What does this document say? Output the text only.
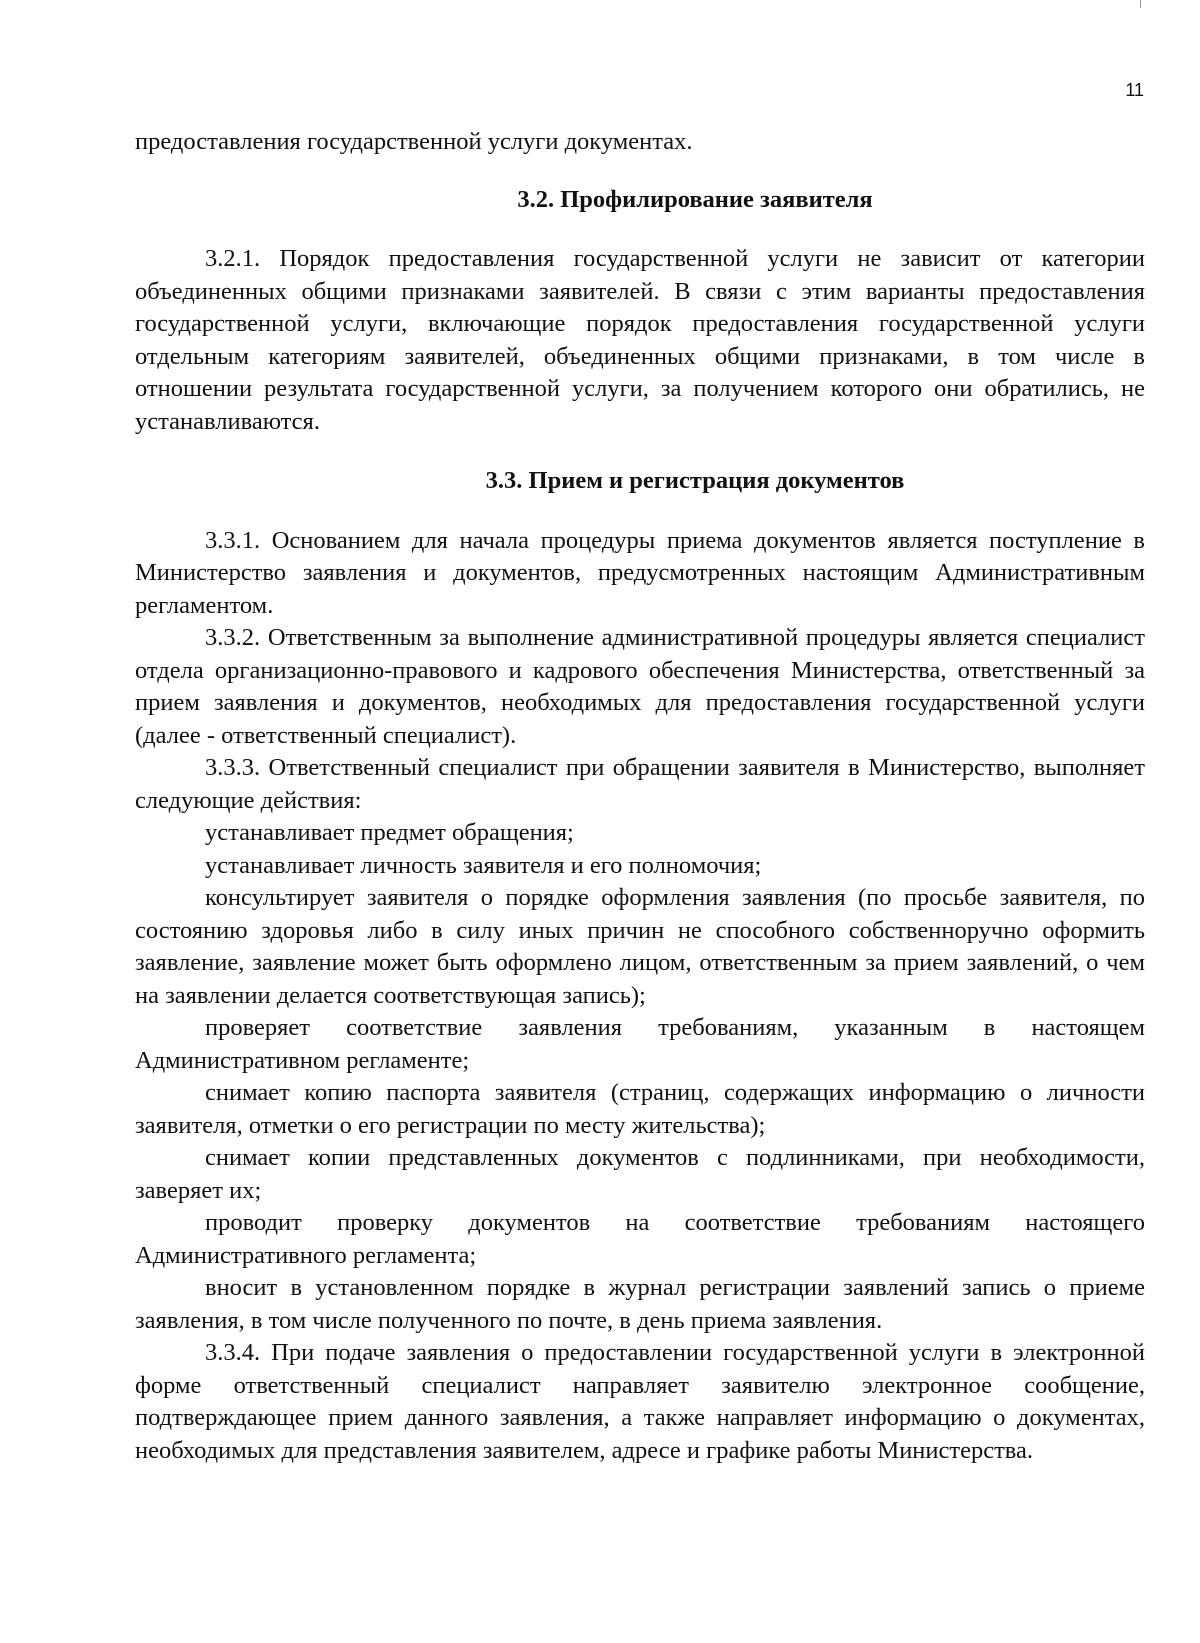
11

предоставления государственной услуги документах.

3.2. Профилирование заявителя

3.2.1. Порядок предоставления государственной услуги не зависит от категории объединенных общими признаками заявителей. В связи с этим варианты предоставления государственной услуги, включающие порядок предоставления государственной услуги отдельным категориям заявителей, объединенных общими признаками, в том числе в отношении результата государственной услуги, за получением которого они обратились, не устанавливаются.

3.3. Прием и регистрация документов

3.3.1. Основанием для начала процедуры приема документов является поступление в Министерство заявления и документов, предусмотренных настоящим Административным регламентом.

3.3.2. Ответственным за выполнение административной процедуры является специалист отдела организационно-правового и кадрового обеспечения Министерства, ответственный за прием заявления и документов, необходимых для предоставления государственной услуги (далее - ответственный специалист).

3.3.3. Ответственный специалист при обращении заявителя в Министерство, выполняет следующие действия:

устанавливает предмет обращения;

устанавливает личность заявителя и его полномочия;

консультирует заявителя о порядке оформления заявления (по просьбе заявителя, по состоянию здоровья либо в силу иных причин не способного собственноручно оформить заявление, заявление может быть оформлено лицом, ответственным за прием заявлений, о чем на заявлении делается соответствующая запись);

проверяет соответствие заявления требованиям, указанным в настоящем Административном регламенте;

снимает копию паспорта заявителя (страниц, содержащих информацию о личности заявителя, отметки о его регистрации по месту жительства);

снимает копии представленных документов с подлинниками, при необходимости, заверяет их;

проводит проверку документов на соответствие требованиям настоящего Административного регламента;

вносит в установленном порядке в журнал регистрации заявлений запись о приеме заявления, в том числе полученного по почте, в день приема заявления.

3.3.4. При подаче заявления о предоставлении государственной услуги в электронной форме ответственный специалист направляет заявителю электронное сообщение, подтверждающее прием данного заявления, а также направляет информацию о документах, необходимых для представления заявителем, адресе и графике работы Министерства.
